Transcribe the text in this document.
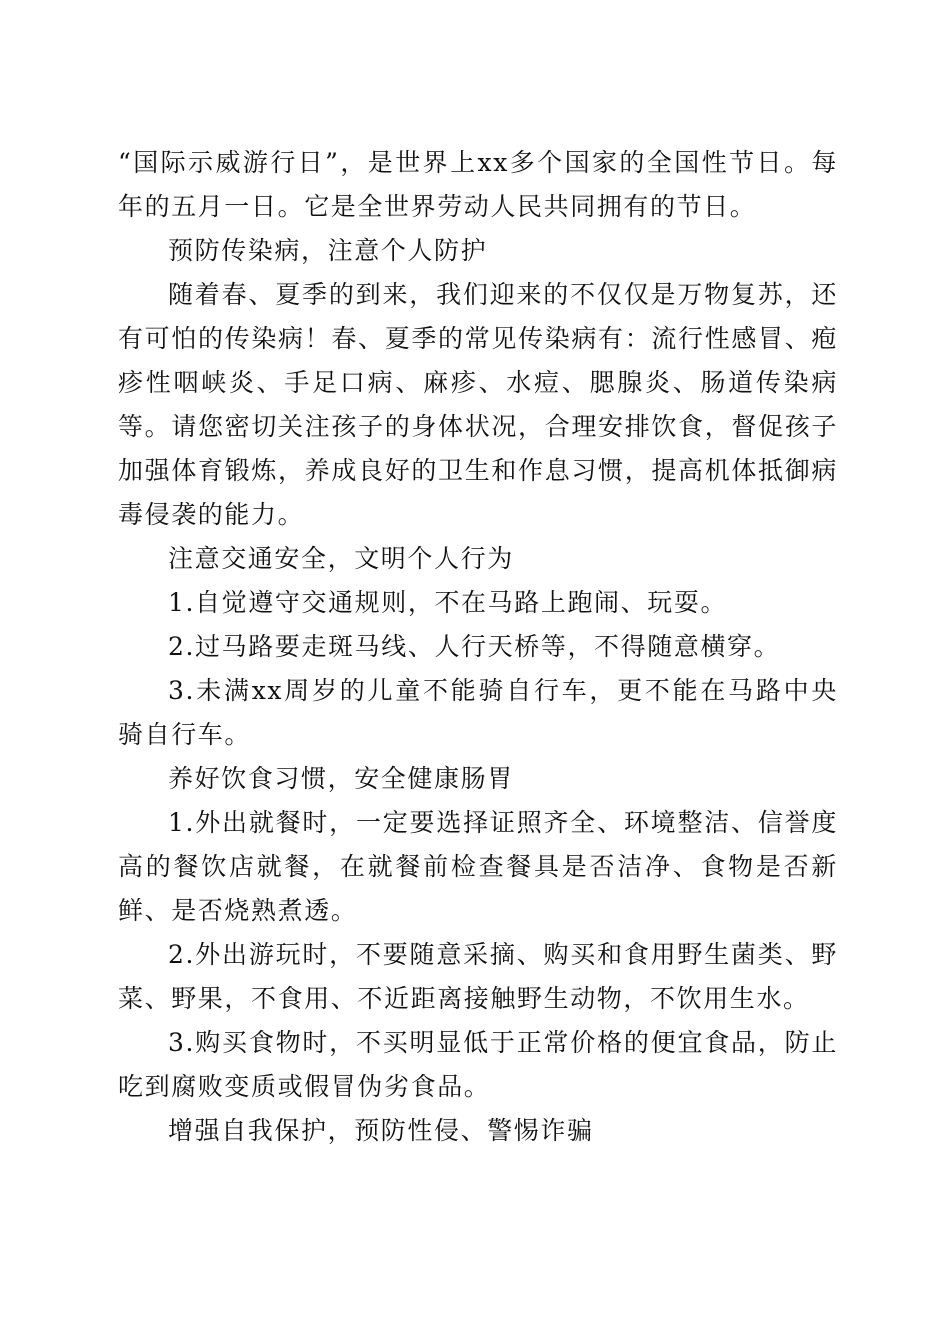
“国际示威游行日”，是世界上xx多个国家的全国性节日。每年的五月一日。它是全世界劳动人民共同拥有的节日。

预防传染病，注意个人防护

随着春、夏季的到来，我们迎来的不仅仅是万物复苏，还有可怕的传染病！春、夏季的常见传染病有：流行性感冒、疱疹性咽峡炎、手足口病、麻疹、水痘、腮腺炎、肠道传染病等。请您密切关注孩子的身体状况，合理安排饮食，督促孩子加强体育锻炼，养成良好的卫生和作息习惯，提高机体抵御病毒侵袭的能力。

注意交通安全，文明个人行为

1.自觉遵守交通规则，不在马路上跑闹、玩耍。

2.过马路要走斑马线、人行天桥等，不得随意横穿。

3.未满xx周岁的儿童不能骑自行车，更不能在马路中央骑自行车。

养好饮食习惯，安全健康肠胃

1.外出就餐时，一定要选择证照齐全、环境整洁、信誉度高的餐饮店就餐，在就餐前检查餐具是否洁净、食物是否新鲜、是否烧熟煮透。

2.外出游玩时，不要随意采摘、购买和食用野生菌类、野菜、野果，不食用、不近距离接触野生动物，不饮用生水。

3.购买食物时，不买明显低于正常价格的便宜食品，防止吃到腐败变质或假冒伪劣食品。

增强自我保护，预防性侵、警惕诈骗
